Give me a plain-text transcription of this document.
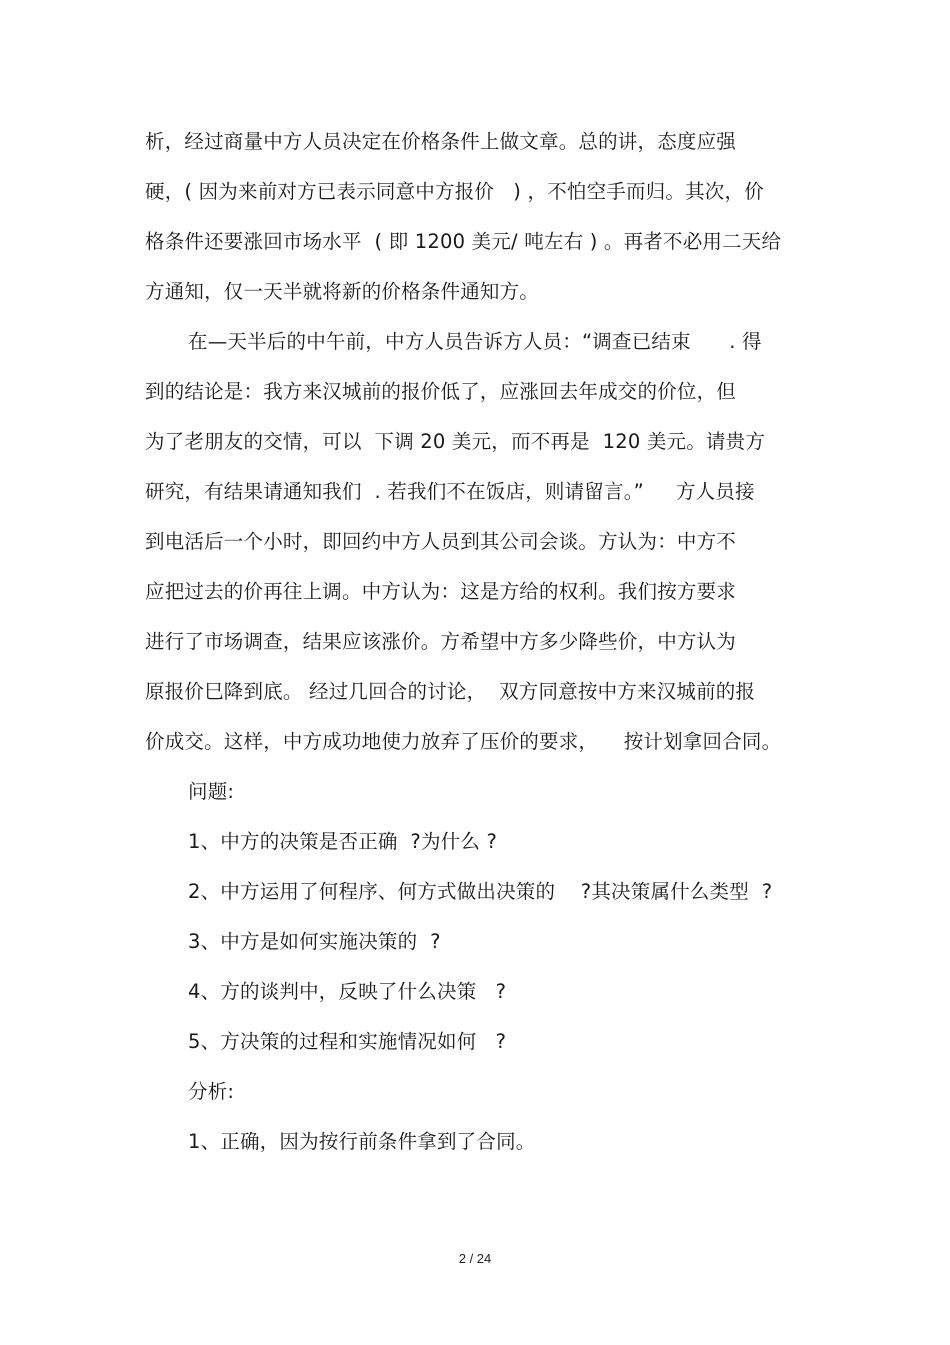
析，经过商量中方人员决定在价格条件上做文章。总的讲，态度应强
硬，( 因为来前对方已表示同意中方报价   ) ，不怕空手而归。其次，价
格条件还要涨回市场水平  ( 即 1200 美元/ 吨左右 ) 。再者不必用二天给
方通知，仅一天半就将新的价格条件通知方。
在—天半后的中午前，中方人员告诉方人员：“调查已结束      . 得
到的结论是：我方来汉城前的报价低了，应涨回去年成交的价位，但
为了老朋友的交情，可以  下调 20 美元，而不再是  120 美元。请贵方
研究，有结果请通知我们  . 若我们不在饭店，则请留言。”     方人员接
到电活后一个小时，即回约中方人员到其公司会谈。方认为：中方不
应把过去的价再往上调。中方认为：这是方给的权利。我们按方要求
进行了市场调查，结果应该涨价。方希望中方多少降些价，中方认为
原报价巳降到底。 经过几回合的讨论，  双方同意按中方来汉城前的报
价成交。这样，中方成功地使力放弃了压价的要求，    按计划拿回合同。
问题:
1、中方的决策是否正确  ?为什么 ?
2、中方运用了何程序、何方式做出决策的    ?其决策属什么类型  ?
3、中方是如何实施决策的  ?
4、方的谈判中，反映了什么决策   ?
5、方决策的过程和实施情况如何   ?
分析:
1、正确，因为按行前条件拿到了合同。
2 / 24
